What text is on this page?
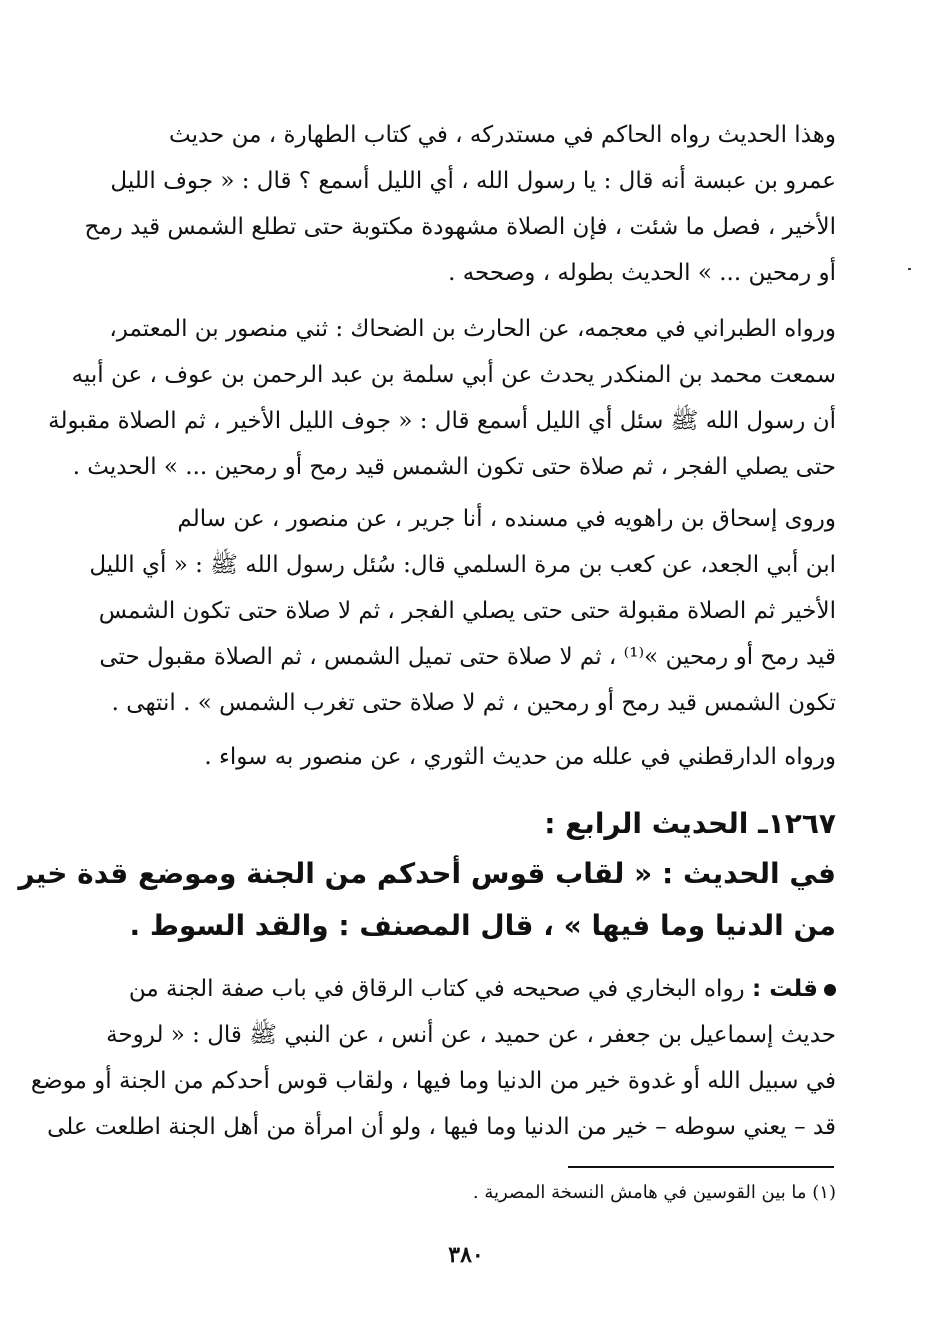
وهذا الحديث رواه الحاكم في مستدركه ، في كتاب الطهارة ، من حديث
عمرو بن عبسة أنه قال : يا رسول الله ، أي الليل أسمع ؟ قال : « جوف الليل
الأخير ، فصل ما شئت ، فإن الصلاة مشهودة مكتوبة حتى تطلع الشمس قيد رمح
أو رمحين ... » الحديث بطوله ، وصححه .

ورواه الطبراني في معجمه، عن الحارث بن الضحاك : ثني منصور بن المعتمر،
سمعت محمد بن المنكدر يحدث عن أبي سلمة بن عبد الرحمن بن عوف ، عن أبيه
أن رسول الله ﷺ سئل أي الليل أسمع قال : « جوف الليل الأخير ، ثم الصلاة مقبولة
حتى يصلي الفجر ، ثم صلاة حتى تكون الشمس قيد رمح أو رمحين ... » الحديث .

وروى إسحاق بن راهويه في مسنده ، أنا جرير ، عن منصور ، عن سالم
ابن أبي الجعد، عن كعب بن مرة السلمي قال: سُئل رسول الله ﷺ : « أي الليل
الأخير ثم الصلاة مقبولة حتى حتى يصلي الفجر ، ثم لا صلاة حتى تكون الشمس
قيد رمح أو رمحين »⁽¹⁾ ، ثم لا صلاة حتى تميل الشمس ، ثم الصلاة مقبول حتى
تكون الشمس قيد رمح أو رمحين ، ثم لا صلاة حتى تغرب الشمس » . انتهى .

ورواه الدارقطني في علله من حديث الثوري ، عن منصور به سواء .

١٢٦٧ـ الحديث الرابع :
في الحديث : « لقاب قوس أحدكم من الجنة وموضع قدة خير
من الدنيا وما فيها » ، قال المصنف : والقد السوط .

قلت : رواه البخاري في صحيحه في كتاب الرقاق في باب صفة الجنة من
حديث إسماعيل بن جعفر ، عن حميد ، عن أنس ، عن النبي ﷺ قال : « لروحة
في سبيل الله أو غدوة خير من الدنيا وما فيها ، ولقاب قوس أحدكم من الجنة أو موضع
قد – يعني سوطه – خير من الدنيا وما فيها ، ولو أن امرأة من أهل الجنة اطلعت على

(١) ما بين القوسين في هامش النسخة المصرية .

٣٨٠
